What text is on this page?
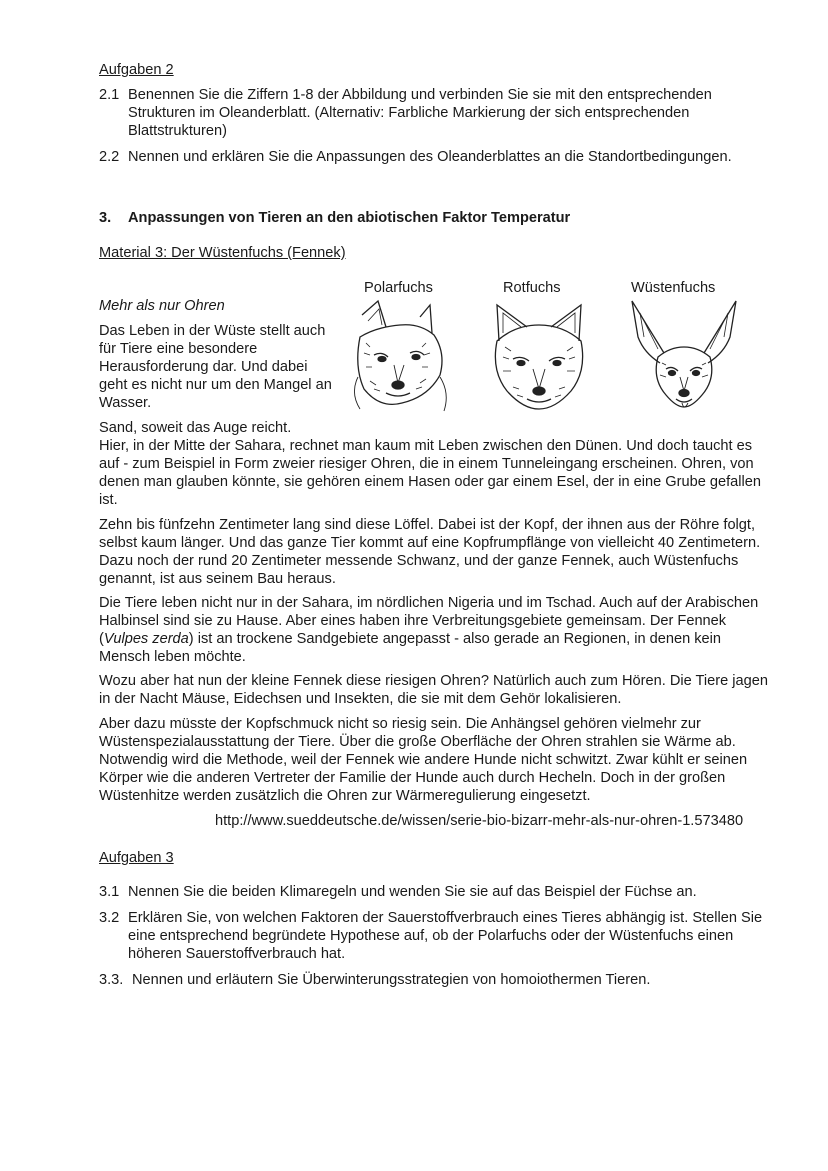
Aufgaben 2
2.1 Benennen Sie die Ziffern 1-8 der Abbildung und verbinden Sie sie mit den entsprechenden Strukturen im Oleanderblatt. (Alternativ: Farbliche Markierung der sich entsprechenden Blattstrukturen)
2.2 Nennen und erklären Sie die Anpassungen des Oleanderblattes an die Standortbedingungen.
3. Anpassungen von Tieren an den abiotischen Faktor Temperatur
Material 3: Der Wüstenfuchs (Fennek)
Polarfuchs	Rotfuchs	Wüstenfuchs
Mehr als nur Ohren

Das Leben in der Wüste stellt auch für Tiere eine besondere Herausforderung dar. Und dabei geht es nicht nur um den Mangel an Wasser.

Sand, soweit das Auge reicht.
Hier, in der Mitte der Sahara, rechnet man kaum mit Leben zwischen den Dünen. Und doch taucht es auf - zum Beispiel in Form zweier riesiger Ohren, die in einem Tunneleingang erscheinen. Ohren, von denen man glauben könnte, sie gehören einem Hasen oder gar einem Esel, der in eine Grube gefallen ist.

Zehn bis fünfzehn Zentimeter lang sind diese Löffel. Dabei ist der Kopf, der ihnen aus der Röhre folgt, selbst kaum länger. Und das ganze Tier kommt auf eine Kopfrumpflänge von vielleicht 40 Zentimetern. Dazu noch der rund 20 Zentimeter messende Schwanz, und der ganze Fennek, auch Wüstenfuchs genannt, ist aus seinem Bau heraus.

Die Tiere leben nicht nur in der Sahara, im nördlichen Nigeria und im Tschad. Auch auf der Arabischen Halbinsel sind sie zu Hause. Aber eines haben ihre Verbreitungsgebiete gemeinsam. Der Fennek (Vulpes zerda) ist an trockene Sandgebiete angepasst - also gerade an Regionen, in denen kein Mensch leben möchte.

Wozu aber hat nun der kleine Fennek diese riesigen Ohren? Natürlich auch zum Hören. Die Tiere jagen in der Nacht Mäuse, Eidechsen und Insekten, die sie mit dem Gehör lokalisieren.

Aber dazu müsste der Kopfschmuck nicht so riesig sein. Die Anhängsel gehören vielmehr zur Wüstenspezialausstattung der Tiere. Über die große Oberfläche der Ohren strahlen sie Wärme ab. Notwendig wird die Methode, weil der Fennek wie andere Hunde nicht schwitzt. Zwar kühlt er seinen Körper wie die anderen Vertreter der Familie der Hunde auch durch Hecheln. Doch in der großen Wüstenhitze werden zusätzlich die Ohren zur Wärmeregulierung eingesetzt.

http://www.sueddeutsche.de/wissen/serie-bio-bizarr-mehr-als-nur-ohren-1.573480
Aufgaben 3
3.1 Nennen Sie die beiden Klimaregeln und wenden Sie sie auf das Beispiel der Füchse an.
3.2 Erklären Sie, von welchen Faktoren der Sauerstoffverbrauch eines Tieres abhängig ist. Stellen Sie eine entsprechend begründete Hypothese auf, ob der Polarfuchs oder der Wüstenfuchs einen höheren Sauerstoffverbrauch hat.
3.3. Nennen und erläutern Sie Überwinterungsstrategien von homoiothermen Tieren.
